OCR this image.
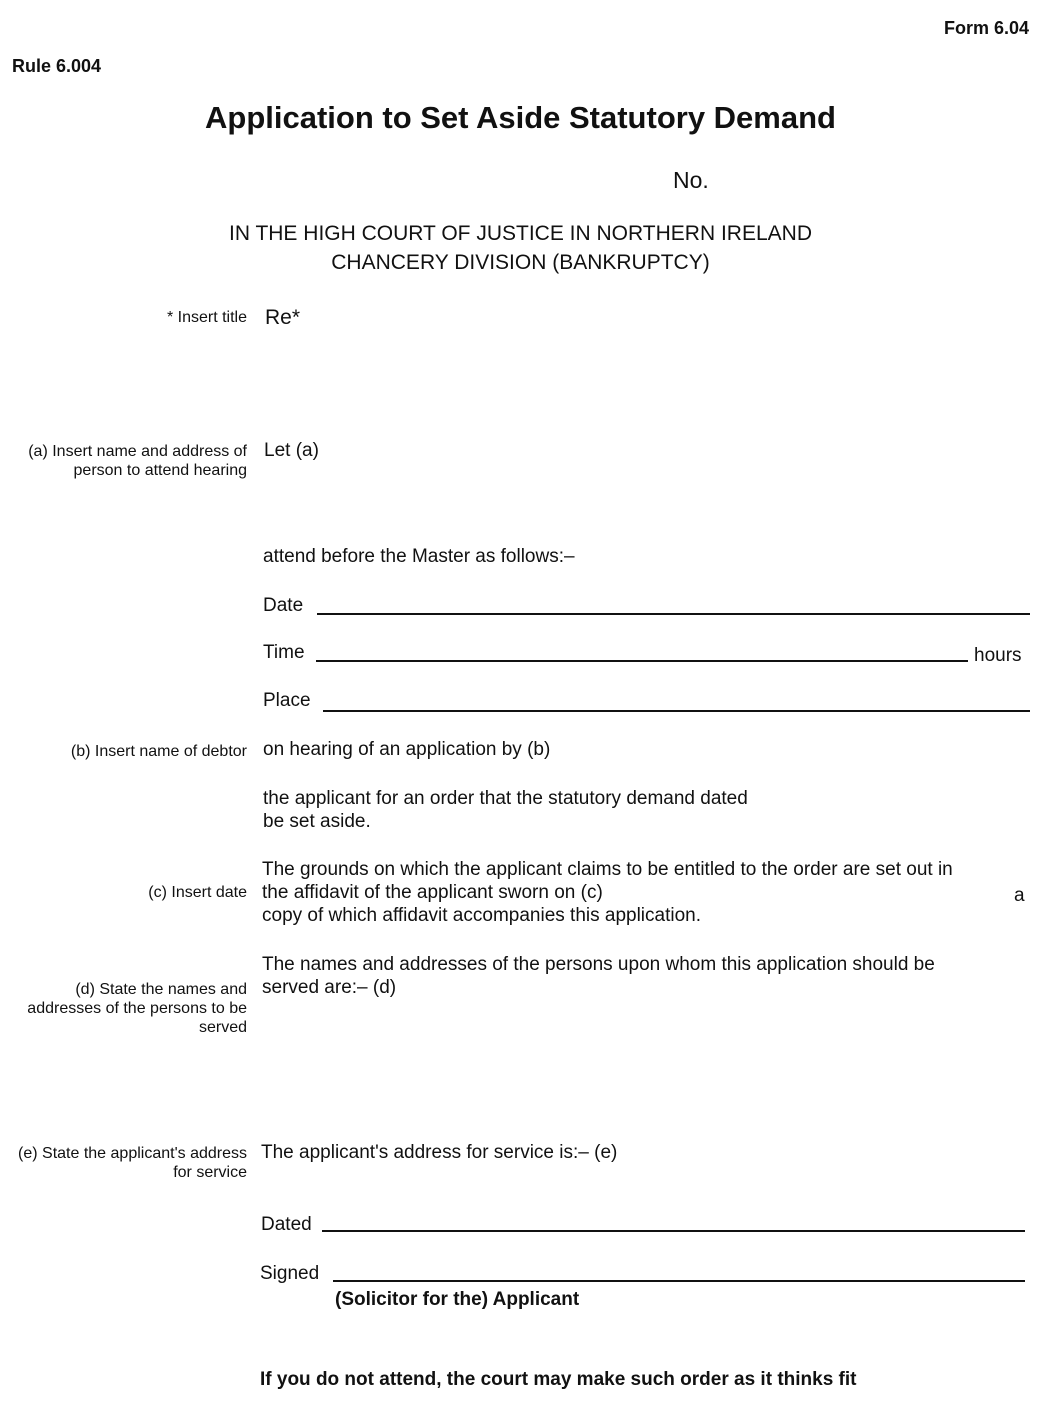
Form 6.04
Rule 6.004
Application to Set Aside Statutory Demand
No.
IN THE HIGH COURT OF JUSTICE IN NORTHERN IRELAND
CHANCERY DIVISION (BANKRUPTCY)
* Insert title
(a) Insert name and address of person to attend hearing
(b) Insert name of debtor
(c) Insert date
(d) State the names and addresses of the persons to be served
(e) State the applicant's address for service
Re*
Let (a)
attend before the Master as follows:–
Date
Time	hours
Place
on hearing of an application by (b)
the applicant for an order that the statutory demand dated
be set aside.
The grounds on which the applicant claims to be entitled to the order are set out in
the affidavit of the applicant sworn on (c)	a
copy of which affidavit accompanies this application.
The names and addresses of the persons upon whom this application should be
served are:– (d)
The applicant's address for service is:– (e)
Dated
Signed
(Solicitor for the) Applicant
If you do not attend, the court may make such order as it thinks fit
